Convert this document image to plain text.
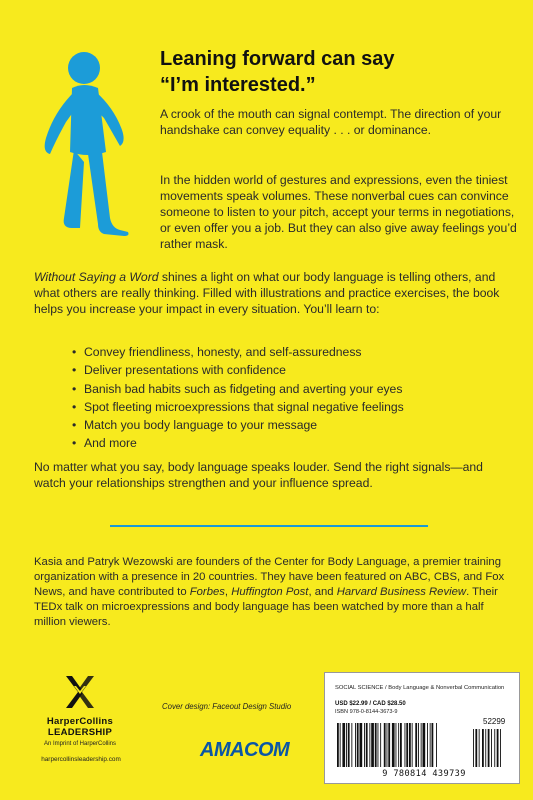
Leaning forward can say
“I’m interested.”

A crook of the mouth can signal contempt. The direction of your handshake can convey equality . . . or dominance.

In the hidden world of gestures and expressions, even the tiniest movements speak volumes. These nonverbal cues can convince someone to listen to your pitch, accept your terms in negotiations, or even offer you a job. But they can also give away feelings you’d rather mask.

Without Saying a Word shines a light on what our body language is telling others, and what others are really thinking. Filled with illustrations and practice exercises, the book helps you increase your impact in every situation. You’ll learn to:

• Convey friendliness, honesty, and self-assuredness
• Deliver presentations with confidence
• Banish bad habits such as fidgeting and averting your eyes
• Spot fleeting microexpressions that signal negative feelings
• Match you body language to your message
• And more

No matter what you say, body language speaks louder. Send the right signals—and watch your relationships strengthen and your influence spread.

Kasia and Patryk Wezowski are founders of the Center for Body Language, a premier training organization with a presence in 20 countries. They have been featured on ABC, CBS, and Fox News, and have contributed to Forbes, Huffington Post, and Harvard Business Review. Their TEDx talk on microexpressions and body language has been watched by more than a half million viewers.

HarperCollins
LEADERSHIP
An Imprint of HarperCollins
harpercollinsleadership.com
Cover design: Faceout Design Studio
AMACOM
SOCIAL SCIENCE / Body Language & Nonverbal Communication
USD $22.99 / CAD $28.50
ISBN 978-0-8144-3673-9
52299
9 780814 439739
